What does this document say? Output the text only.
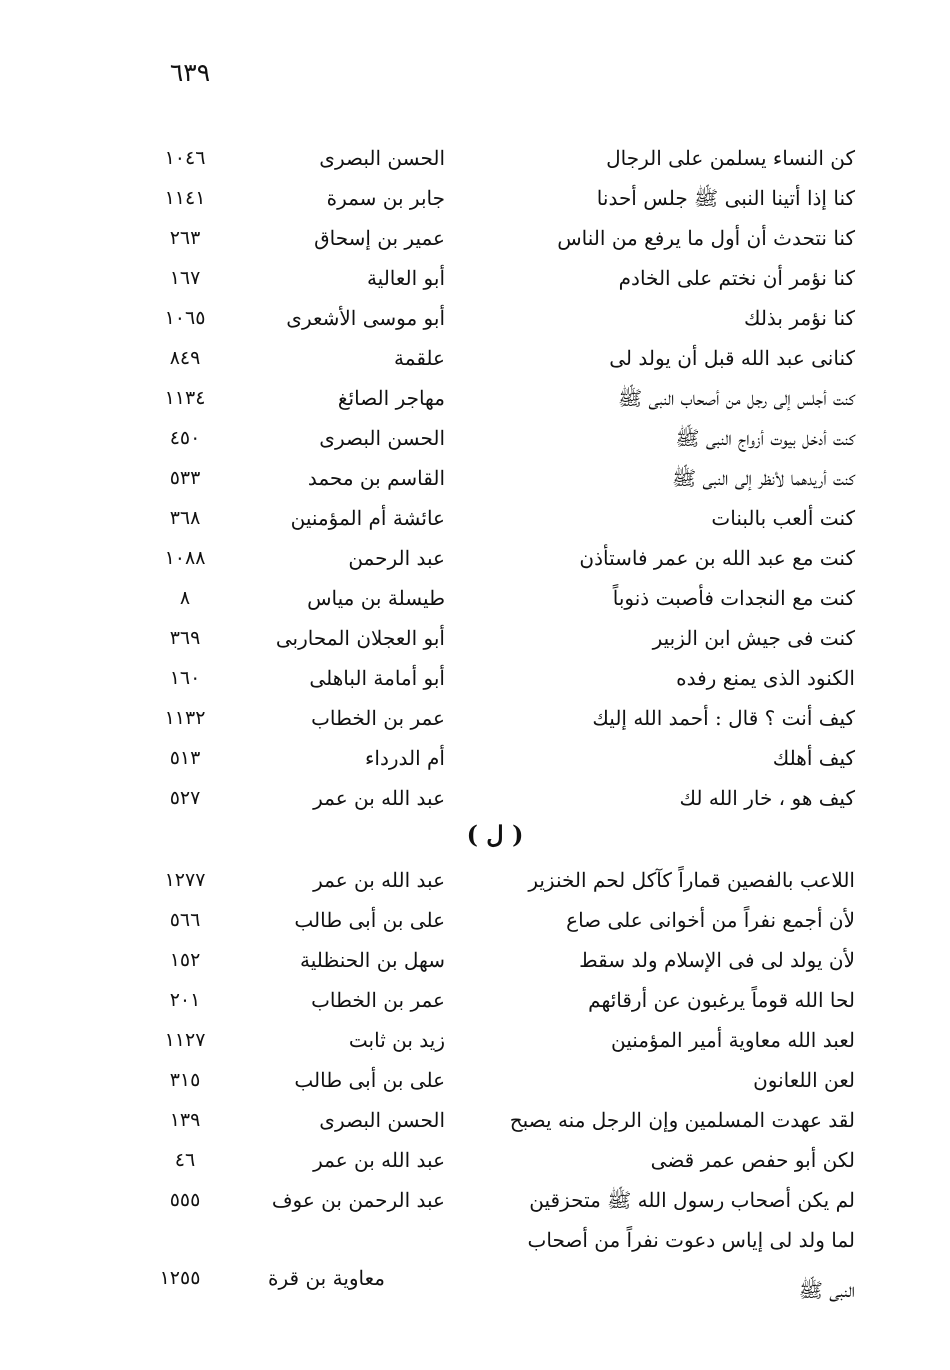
٦٣٩
كن النساء يسلمن على الرجال
الحسن البصرى
١٠٤٦
كنا إذا أتينا النبى ﷺ جلس أحدنا
جابر بن سمرة
١١٤١
كنا نتحدث أن أول ما يرفع من الناس
عمير بن إسحاق
٢٦٣
كنا نؤمر أن نختم على الخادم
أبو العالية
١٦٧
كنا نؤمر بذلك
أبو موسى الأشعرى
١٠٦٥
كنانى عبد الله قبل أن يولد لى
علقمة
٨٤٩
كنت أجلس إلى رجل من أصحاب النبى ﷺ
مهاجر الصائغ
١١٣٤
كنت أدخل بيوت أزواج النبى ﷺ
الحسن البصرى
٤٥٠
كنت أريدهما لأنظر إلى النبى ﷺ
القاسم بن محمد
٥٣٣
كنت ألعب بالبنات
عائشة أم المؤمنين
٣٦٨
كنت مع عبد الله بن عمر فاستأذن
عبد الرحمن
١٠٨٨
كنت مع النجدات فأصبت ذنوباً
طيسلة بن مياس
٨
كنت فى جيش ابن الزبير
أبو العجلان المحاربى
٣٦٩
الكنود الذى يمنع رفده
أبو أمامة الباهلى
١٦٠
كيف أنت ؟ قال : أحمد الله إليك
عمر بن الخطاب
١١٣٢
كيف أهلك
أم الدرداء
٥١٣
كيف هو ، خار الله لك
عبد الله بن عمر
٥٢٧
( ل )
اللاعب بالفصين قماراً كآكل لحم الخنزير
عبد الله بن عمر
١٢٧٧
لأن أجمع نفراً من أخوانى على صاع
على بن أبى طالب
٥٦٦
لأن يولد لى فى الإسلام ولد سقط
سهل بن الحنظلية
١٥٢
لحا الله قوماً يرغبون عن أرقائهم
عمر بن الخطاب
٢٠١
لعبد الله معاوية أمير المؤمنين
زيد بن ثابت
١١٢٧
لعن اللعانون
على بن أبى طالب
٣١٥
لقد عهدت المسلمين وإن الرجل منه يصبح
الحسن البصرى
١٣٩
لكن أبو حفص عمر قضى
عبد الله بن عمر
٤٦
لم يكن أصحاب رسول الله ﷺ متحزقين
عبد الرحمن بن عوف
٥٥٥
لما ولد لى إياس دعوت نفراً من أصحاب
النبى ﷺ
معاوية بن قرة
١٢٥٥
